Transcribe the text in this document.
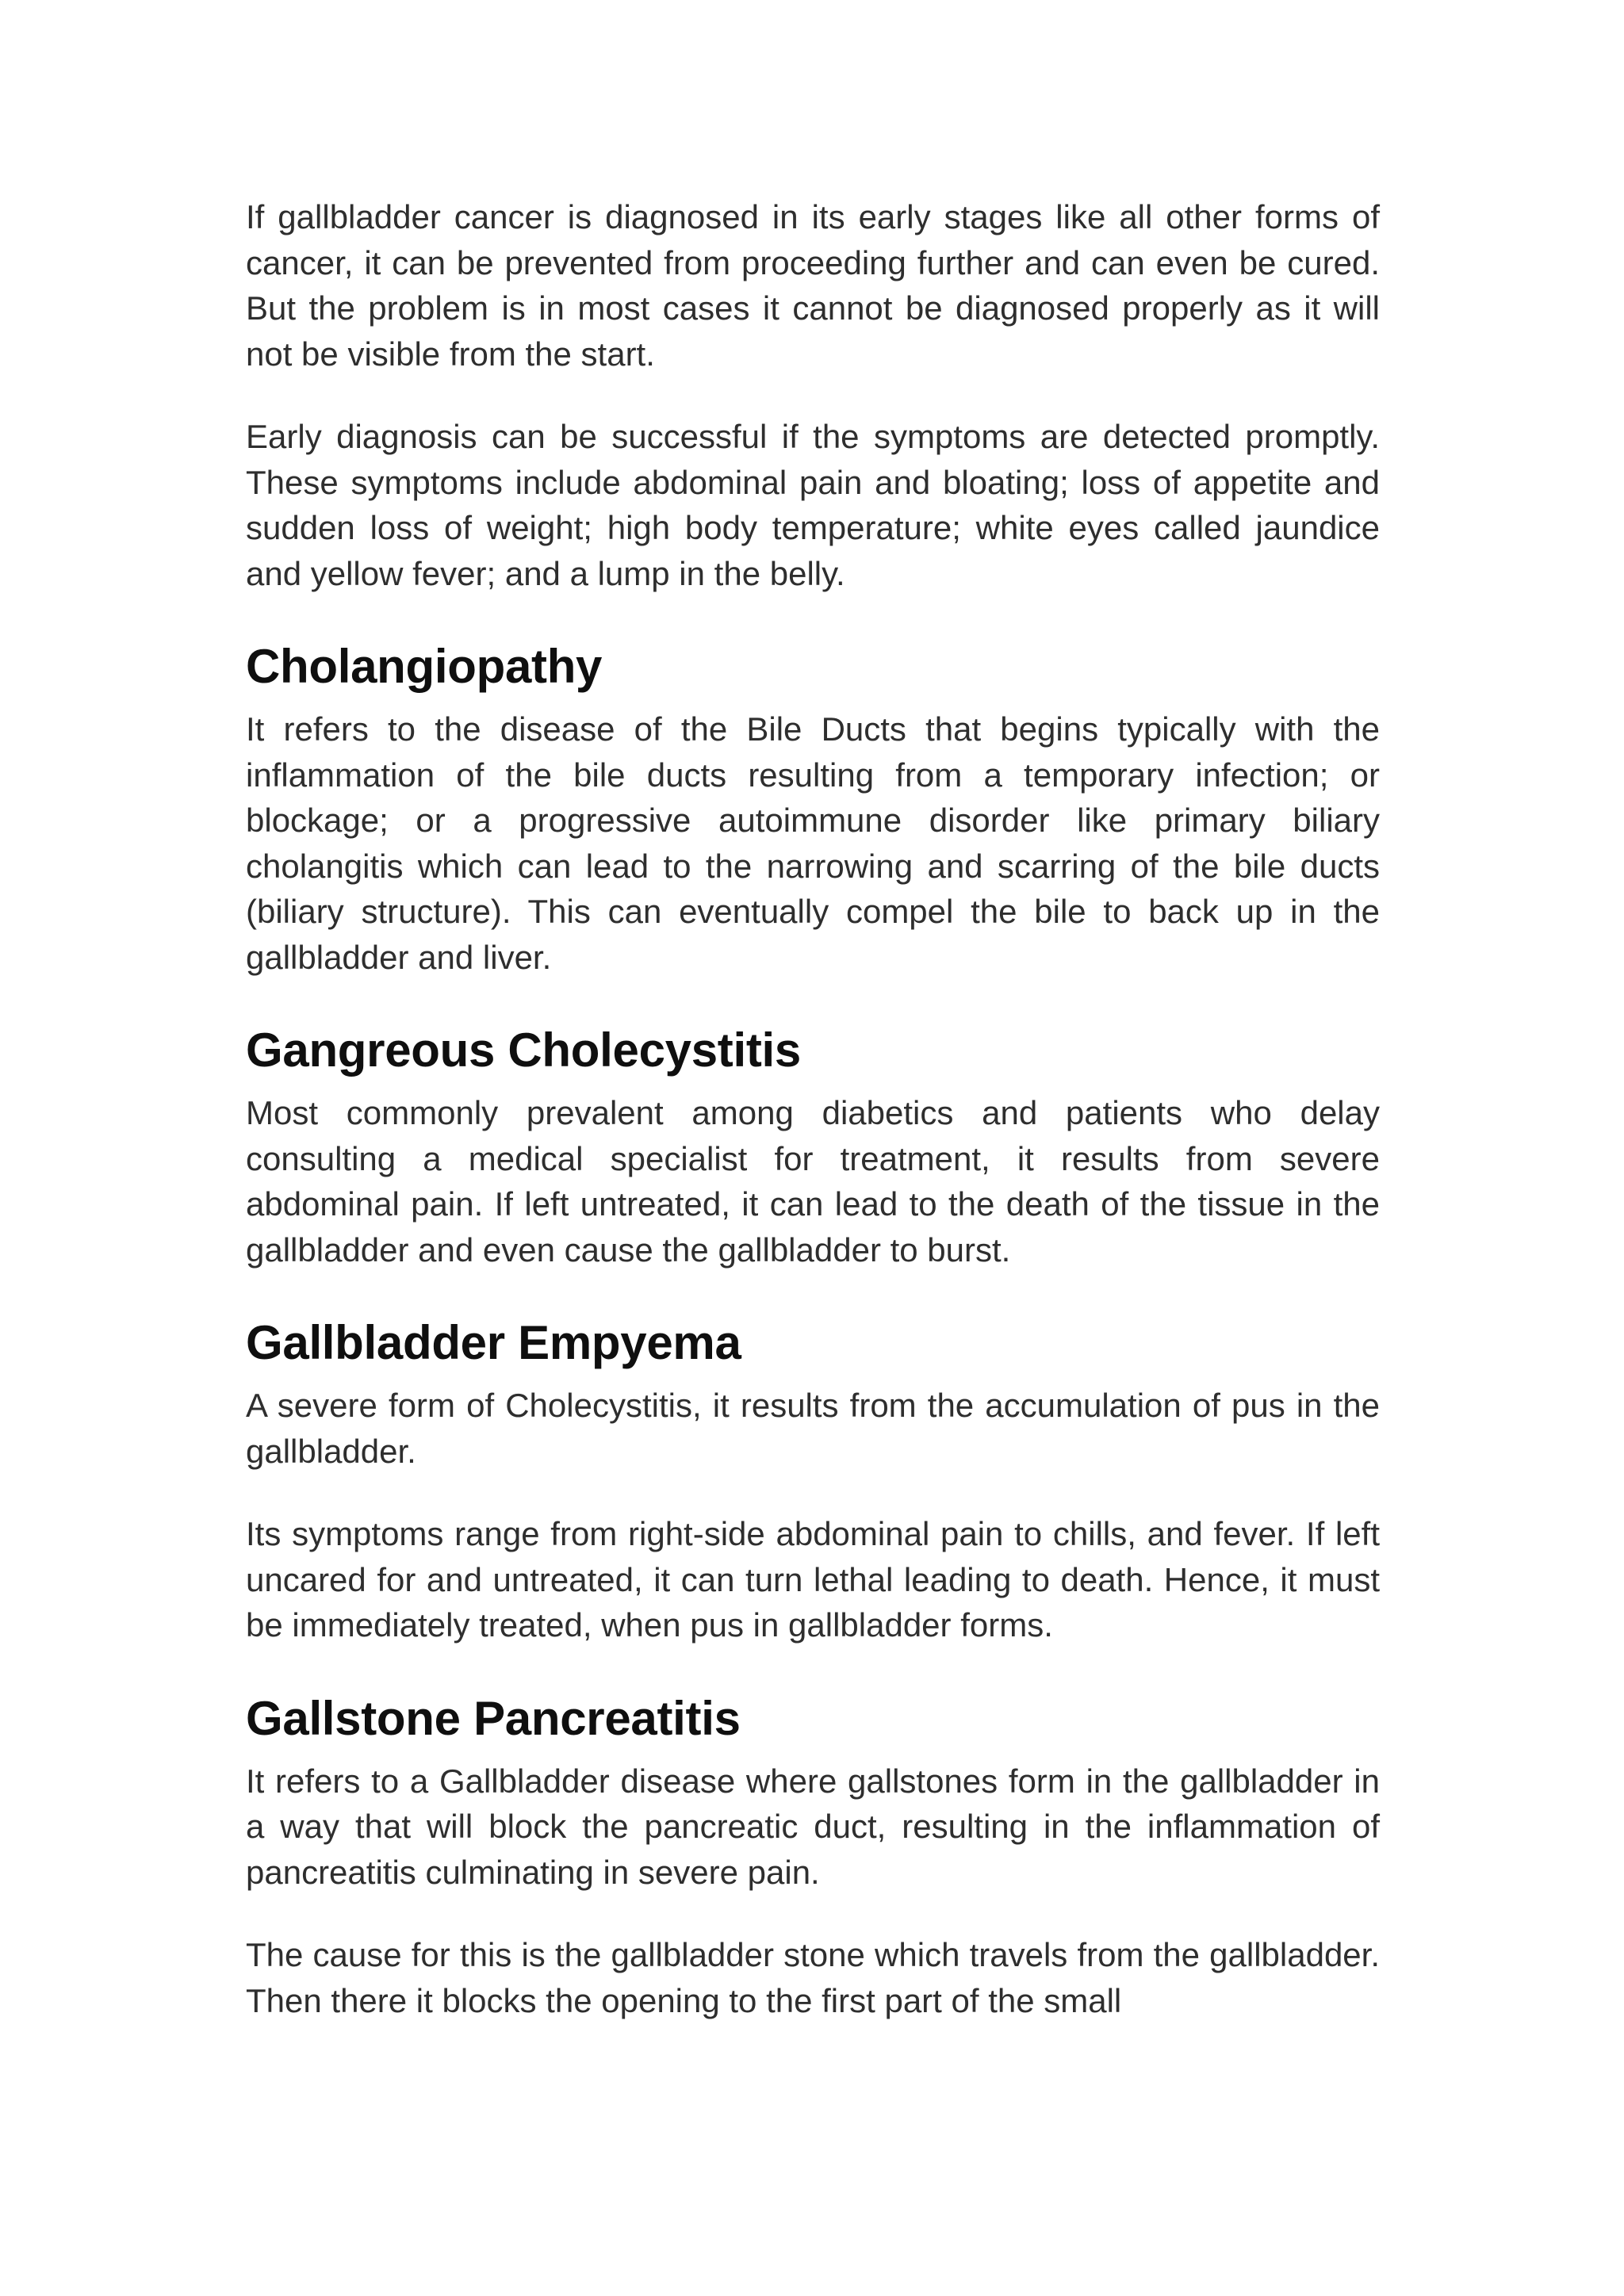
If gallbladder cancer is diagnosed in its early stages like all other forms of cancer, it can be prevented from proceeding further and can even be cured. But the problem is in most cases it cannot be diagnosed properly as it will not be visible from the start.

Early diagnosis can be successful if the symptoms are detected promptly. These symptoms include abdominal pain and bloating; loss of appetite and sudden loss of weight; high body temperature; white eyes called jaundice and yellow fever; and a lump in the belly.

Cholangiopathy

It refers to the disease of the Bile Ducts that begins typically with the inflammation of the bile ducts resulting from a temporary infection; or blockage; or a progressive autoimmune disorder like primary biliary cholangitis which can lead to the narrowing and scarring of the bile ducts (biliary structure). This can eventually compel the bile to back up in the gallbladder and liver.

Gangreous Cholecystitis

Most commonly prevalent among diabetics and patients who delay consulting a medical specialist for treatment, it results from severe abdominal pain. If left untreated, it can lead to the death of the tissue in the gallbladder and even cause the gallbladder to burst.

Gallbladder Empyema

A severe form of Cholecystitis, it results from the accumulation of pus in the gallbladder.

Its symptoms range from right-side abdominal pain to chills, and fever. If left uncared for and untreated, it can turn lethal leading to death. Hence, it must be immediately treated, when pus in gallbladder forms.

Gallstone Pancreatitis

It refers to a Gallbladder disease where gallstones form in the gallbladder in a way that will block the pancreatic duct, resulting in the inflammation of pancreatitis culminating in severe pain.

The cause for this is the gallbladder stone which travels from the gallbladder. Then there it blocks the opening to the first part of the small
